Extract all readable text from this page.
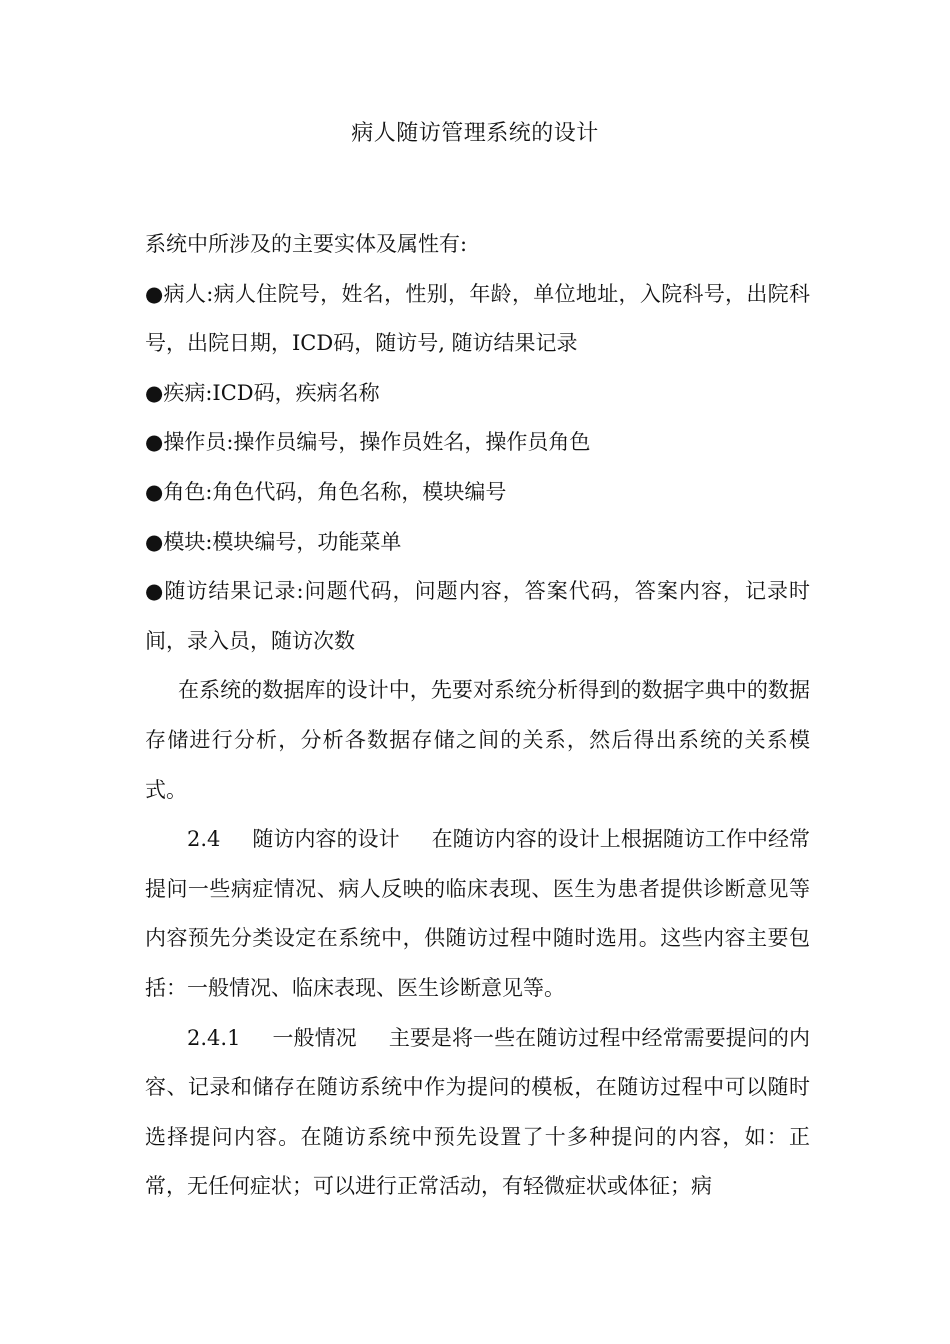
病人随访管理系统的设计

系统中所涉及的主要实体及属性有:

●病人:病人住院号，姓名，性别，年龄，单位地址，入院科号，出院科号，出院日期，ICD码，随访号, 随访结果记录

●疾病:ICD码，疾病名称

●操作员:操作员编号，操作员姓名，操作员角色

●角色:角色代码，角色名称，模块编号

●模块:模块编号，功能菜单

●随访结果记录:问题代码，问题内容，答案代码，答案内容，记录时间，录入员，随访次数

在系统的数据库的设计中，先要对系统分析得到的数据字典中的数据存储进行分析，分析各数据存储之间的关系，然后得出系统的关系模式。

2.4 随访内容的设计 在随访内容的设计上根据随访工作中经常提问一些病症情况、病人反映的临床表现、医生为患者提供诊断意见等内容预先分类设定在系统中，供随访过程中随时选用。这些内容主要包括：一般情况、临床表现、医生诊断意见等。

2.4.1 一般情况 主要是将一些在随访过程中经常需要提问的内容、记录和储存在随访系统中作为提问的模板，在随访过程中可以随时选择提问内容。在随访系统中预先设置了十多种提问的内容，如：正常，无任何症状；可以进行正常活动，有轻微症状或体征；病
